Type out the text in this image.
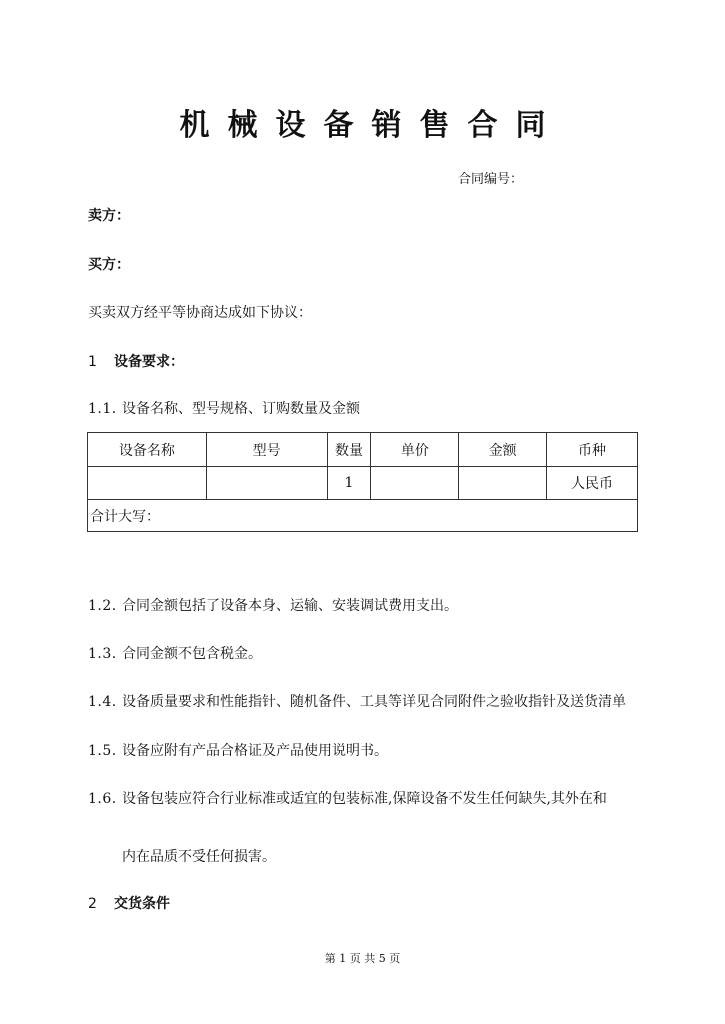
机械设备销售合同
合同编号：
卖方：
买方：
买卖双方经平等协商达成如下协议：
1 设备要求：
1.1. 设备名称、型号规格、订购数量及金额
设备名称	型号	数量	单价	金额	币种
		1			人民币
合计大写：					
1.2. 合同金额包括了设备本身、运输、安装调试费用支出。
1.3. 合同金额不包含税金。
1.4. 设备质量要求和性能指针、随机备件、工具等详见合同附件之验收指针及送货清单
1.5. 设备应附有产品合格证及产品使用说明书。
1.6. 设备包装应符合行业标准或适宜的包装标准,保障设备不发生任何缺失,其外在和
内在品质不受任何损害。
2 交货条件
第 1 页 共 5 页
